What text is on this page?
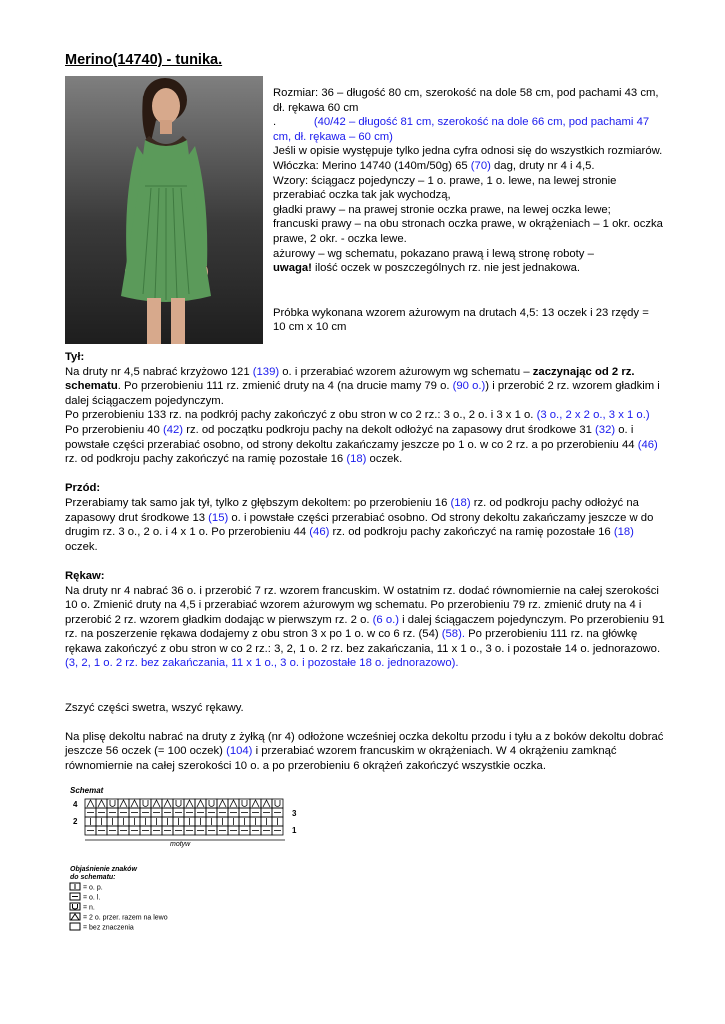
Merino(14740) - tunika.

Rozmiar: 36 – długość 80 cm, szerokość na dole 58 cm, pod pachami 43 cm, dł. rękawa 60 cm

.	(40/42 – długość 81 cm, szerokość na dole 66 cm, pod pachami 47 cm, dł. rękawa – 60 cm)

Jeśli w opisie występuje tylko jedna cyfra odnosi się do wszystkich rozmiarów.

Włóczka: Merino 14740 (140m/50g) 65 (70) dag, druty nr 4 i 4,5.

Wzory: ściągacz pojedynczy – 1 o. prawe, 1 o. lewe, na lewej stronie przerabiać oczka tak jak wychodzą,

gładki prawy – na prawej stronie oczka prawe, na lewej oczka lewe;

francuski prawy – na obu stronach oczka prawe, w okrążeniach – 1 okr. oczka prawe, 2 okr. - oczka lewe.

ażurowy – wg schematu, pokazano prawą i lewą stronę roboty –
uwaga! ilość oczek w poszczególnych rz. nie jest jednakowa.

Próbka wykonana wzorem ażurowym na drutach 4,5: 13 oczek i 23 rzędy = 10 cm x 10 cm

Tył:

Na druty nr 4,5 nabrać krzyżowo 121 (139) o. i przerabiać wzorem ażurowym wg schematu – zaczynając od 2 rz. schematu. Po przerobieniu 111 rz. zmienić druty na 4 (na drucie mamy 79 o. (90 o.)) i przerobić 2 rz. wzorem gładkim i dalej ściągaczem pojedynczym.

Po przerobieniu 133 rz. na podkrój pachy zakończyć z obu stron w co 2 rz.: 3 o., 2 o. i 3 x 1 o. (3 o., 2 x 2 o., 3 x 1 o.) Po przerobieniu 40 (42) rz. od początku podkroju pachy na dekolt odłożyć na zapasowy drut środkowe 31 (32) o. i powstałe części przerabiać osobno, od strony dekoltu zakańczamy jeszcze po 1 o. w co 2 rz. a po przerobieniu 44 (46) rz. od podkroju pachy zakończyć na ramię pozostałe 16 (18) oczek.

Przód:

Przerabiamy tak samo jak tył, tylko z głębszym dekoltem: po przerobieniu 16 (18) rz. od podkroju pachy odłożyć na zapasowy drut środkowe 13 (15) o. i powstałe części przerabiać osobno. Od strony dekoltu zakańczamy jeszcze w do drugim rz. 3 o., 2 o. i 4 x 1 o. Po przerobieniu 44 (46) rz. od podkroju pachy zakończyć na ramię pozostałe 16 (18) oczek.

Rękaw:

Na druty nr 4 nabrać 36 o. i przerobić 7 rz. wzorem francuskim. W ostatnim rz. dodać równomiernie na całej szerokości 10 o. Zmienić druty na 4,5 i przerabiać wzorem ażurowym wg schematu. Po przerobieniu 79 rz. zmienić druty na 4 i przerobić 2 rz. wzorem gładkim dodając w pierwszym rz. 2 o. (6 o.) i dalej ściągaczem pojedynczym. Po przerobieniu 91 rz. na poszerzenie rękawa dodajemy z obu stron 3 x po 1 o. w co 6 rz. (54) (58). Po przerobieniu 111 rz. na główkę rękawa zakończyć z obu stron w co 2 rz.: 3, 2, 1 o. 2 rz. bez zakańczania, 11 x 1 o., 3 o. i pozostałe 14 o. jednorazowo. (3, 2, 1 o. 2 rz. bez zakańczania, 11 x 1 o., 3 o. i pozostałe 18 o. jednorazowo).

Zszyć części swetra, wszyć rękawy.

Na plisę dekoltu nabrać na druty z żyłką (nr 4) odłożone wcześniej oczka dekoltu przodu i tyłu a z boków dekoltu dobrać jeszcze 56 oczek (= 100 oczek) (104) i przerabiać wzorem francuskim w okrążeniach. W 4 okrążeniu zamknąć równomiernie na całej szerokości 10 o. a po przerobieniu 6 okrążeń zakończyć wszystkie oczka.

Schemat
4
3
2
1
motyw
Objaśnienie znaków
do schematu:
= o. p.
= o. l.
= n.
= 2 o. przer. razem na lewo
= bez znaczenia
